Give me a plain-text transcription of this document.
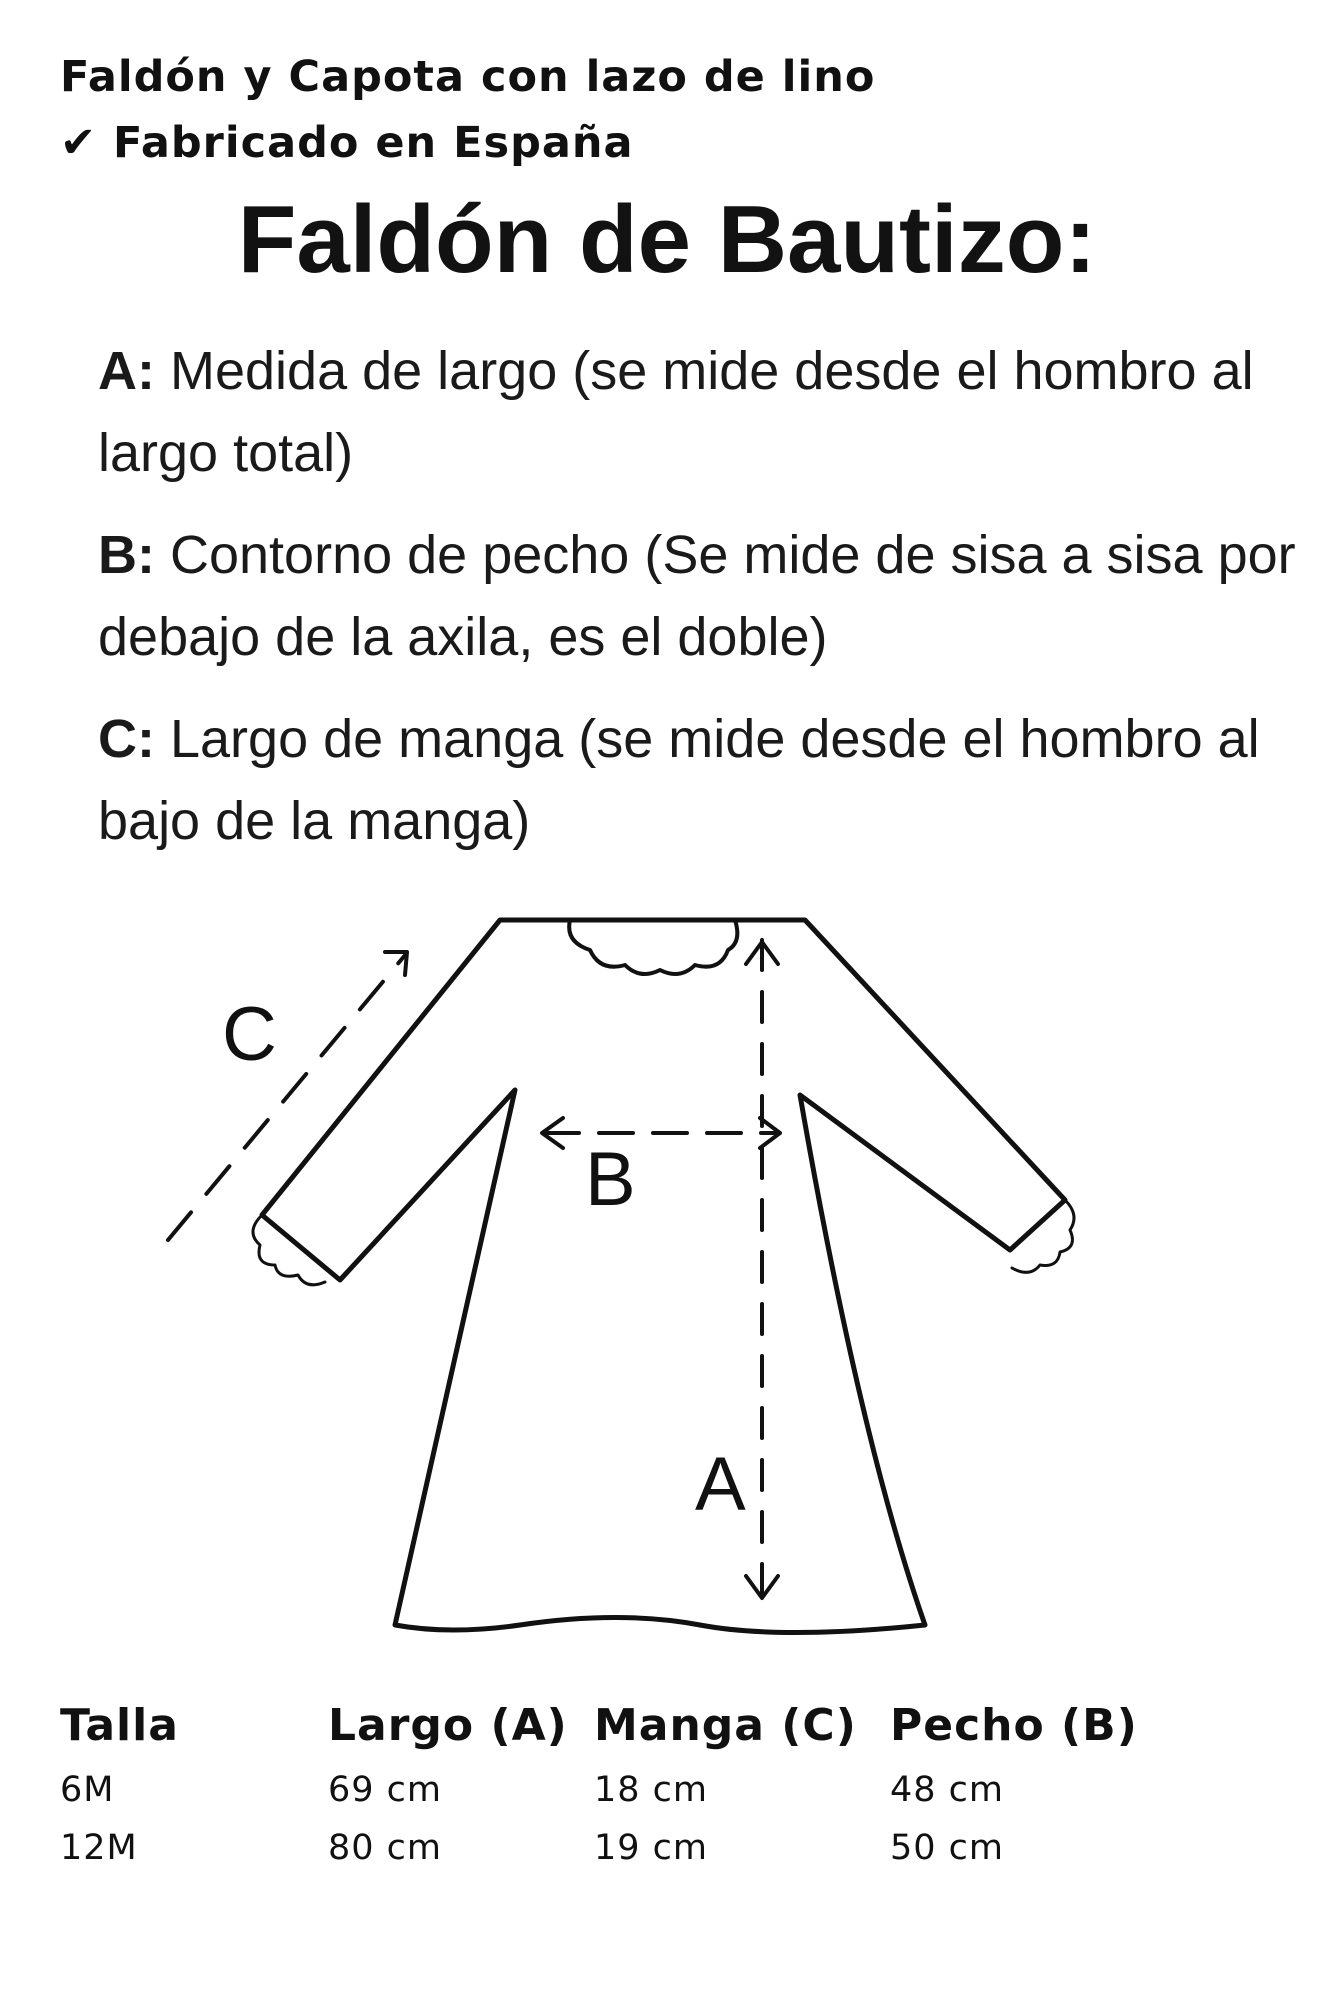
Faldón y Capota con lazo de lino
✔ Fabricado en España
Faldón de Bautizo:
A: Medida de largo (se mide desde el hombro al largo total)
B: Contorno de pecho (Se mide de sisa a sisa por debajo de la axila, es el doble)
C: Largo de manga (se mide desde el hombro al bajo de la manga)
A
B
C
Talla	Largo (A) Manga (C) Pecho (B)
6M	69 cm	18 cm	48 cm
12M	80 cm	19 cm	50 cm
